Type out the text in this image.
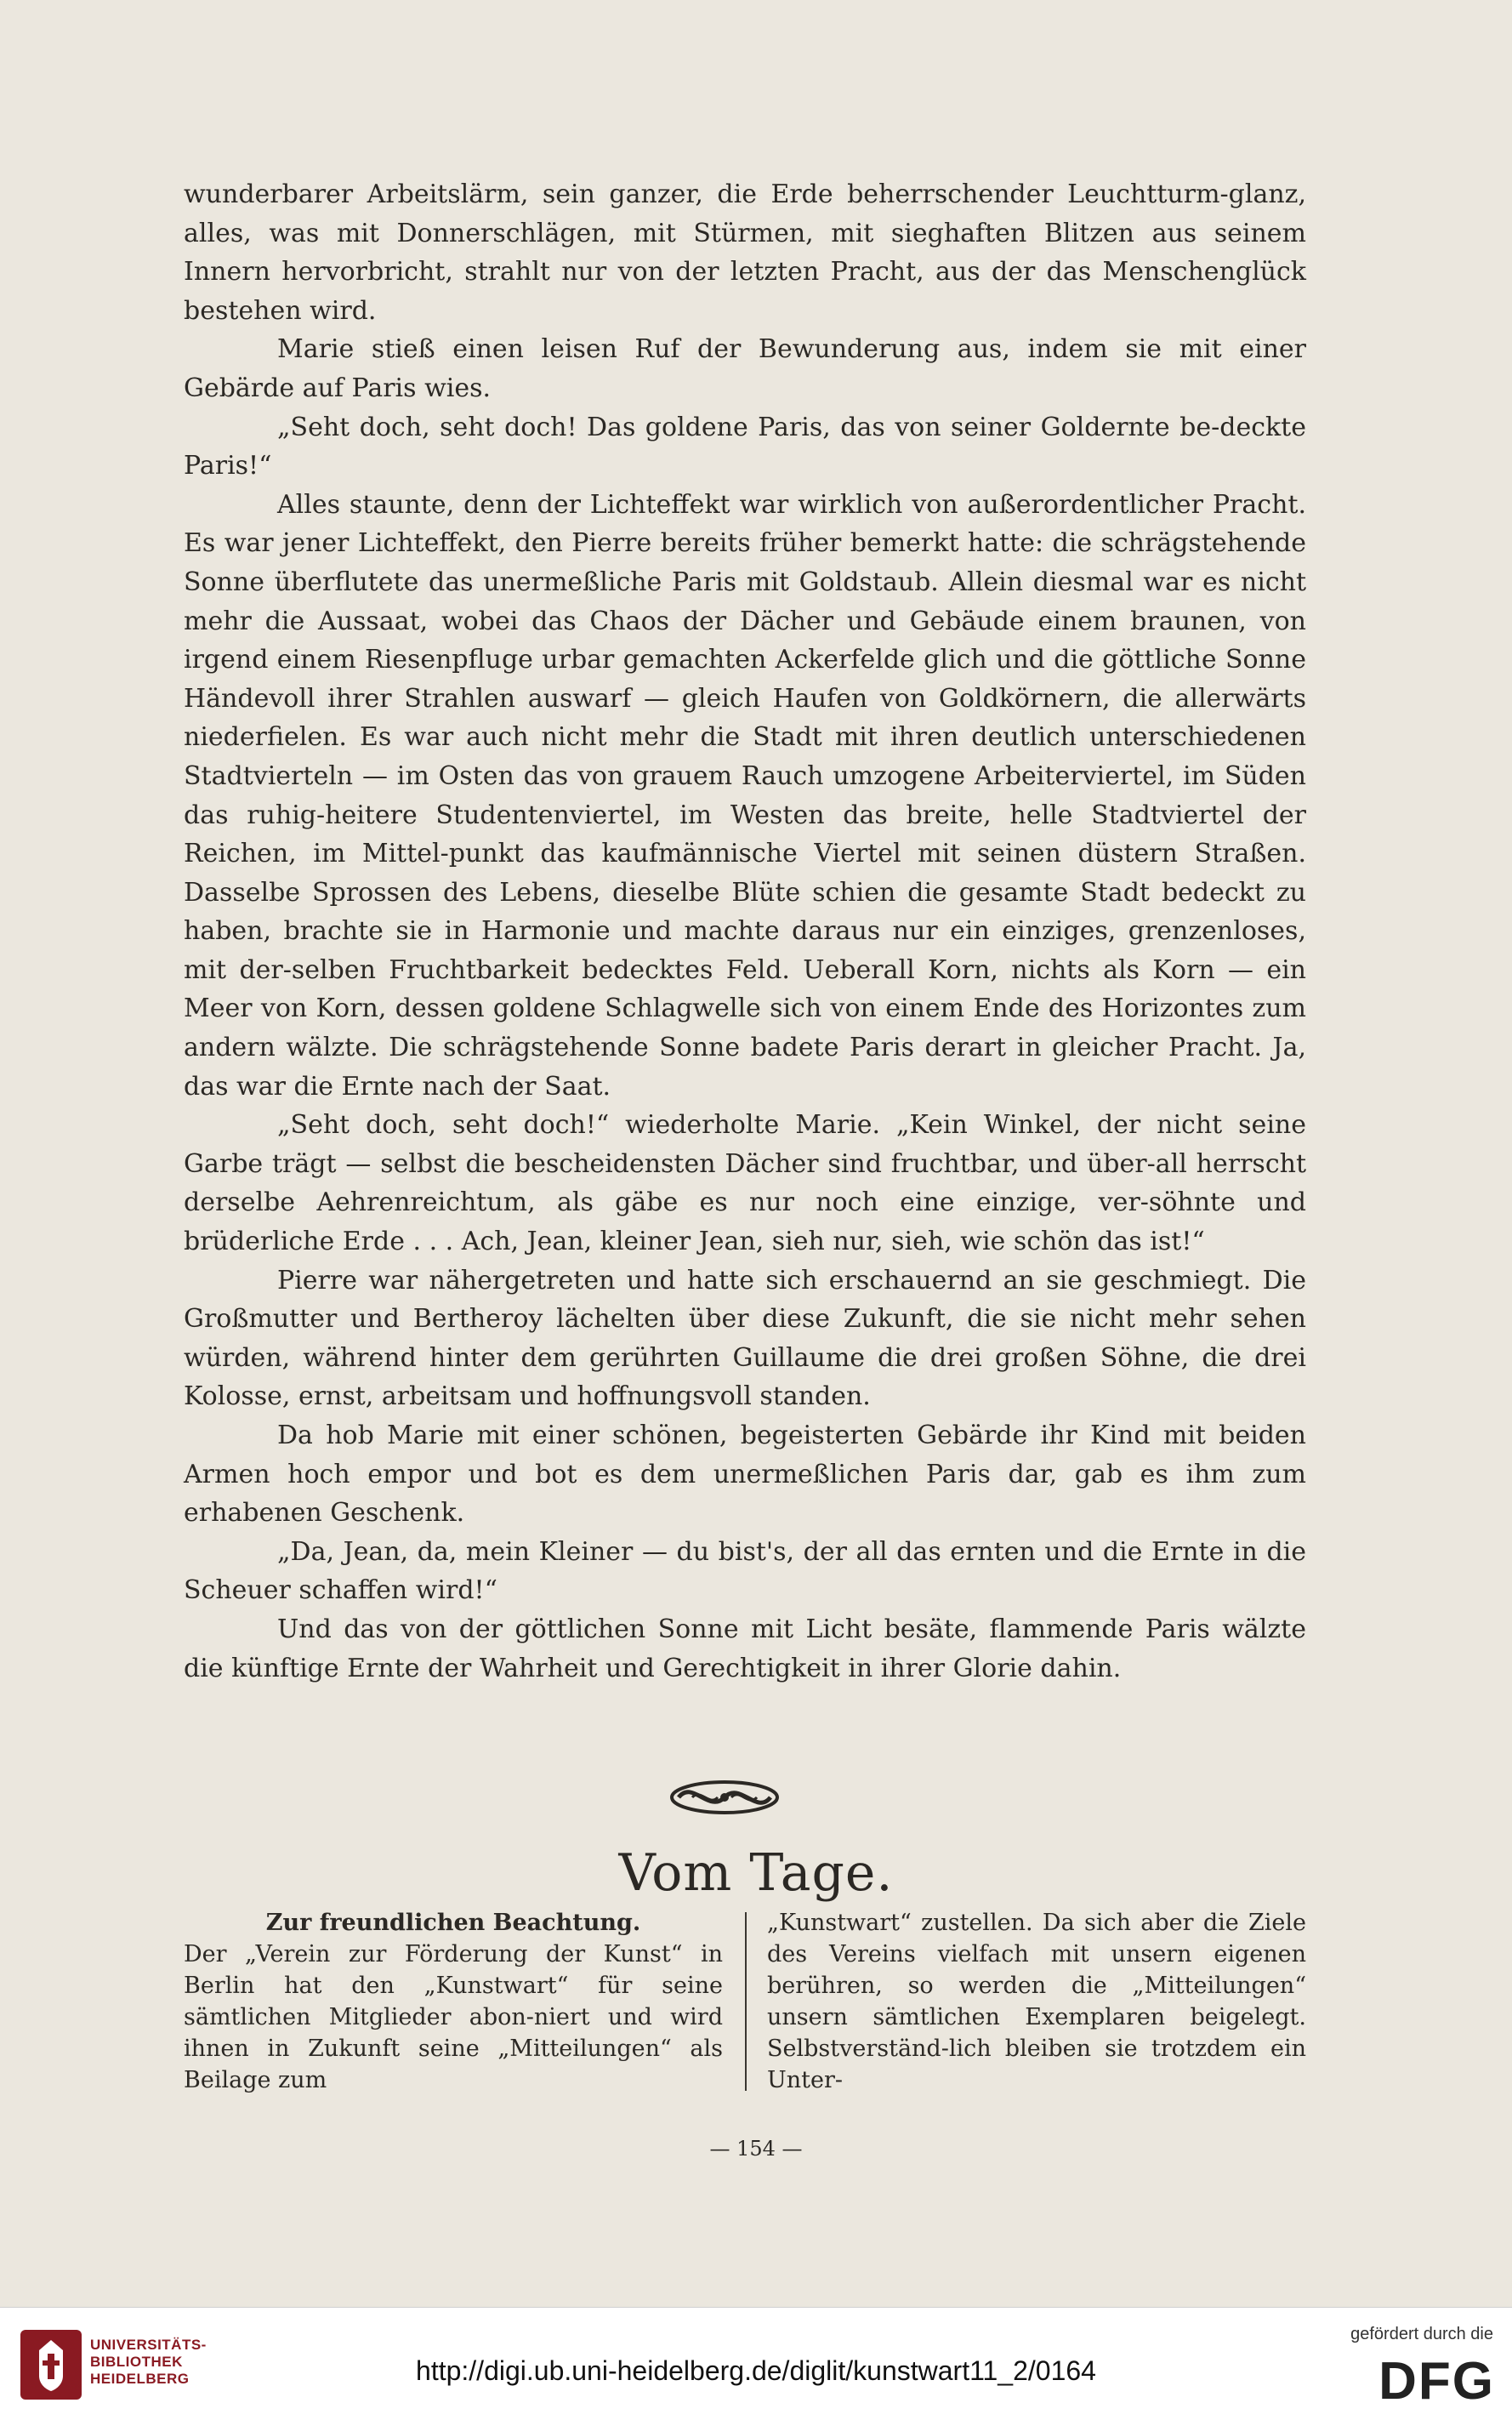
wunderbarer Arbeitslärm, sein ganzer, die Erde beherrschender Leuchtturm-glanz, alles, was mit Donnerschlägen, mit Stürmen, mit sieghaften Blitzen aus seinem Innern hervorbricht, strahlt nur von der letzten Pracht, aus der das Menschenglück bestehen wird.

Marie stieß einen leisen Ruf der Bewunderung aus, indem sie mit einer Gebärde auf Paris wies.

„Seht doch, seht doch! Das goldene Paris, das von seiner Goldernte be-deckte Paris!“

Alles staunte, denn der Lichteffekt war wirklich von außerordentlicher Pracht. Es war jener Lichteffekt, den Pierre bereits früher bemerkt hatte: die schrägstehende Sonne überflutete das unermeßliche Paris mit Goldstaub. Allein diesmal war es nicht mehr die Aussaat, wobei das Chaos der Dächer und Gebäude einem braunen, von irgend einem Riesenpfluge urbar gemachten Ackerfelde glich und die göttliche Sonne Händevoll ihrer Strahlen auswarf — gleich Haufen von Goldkörnern, die allerwärts niederfielen. Es war auch nicht mehr die Stadt mit ihren deutlich unterschiedenen Stadtvierteln — im Osten das von grauem Rauch umzogene Arbeiterviertel, im Süden das ruhig-heitere Studentenviertel, im Westen das breite, helle Stadtviertel der Reichen, im Mittel-punkt das kaufmännische Viertel mit seinen düstern Straßen. Dasselbe Sprossen des Lebens, dieselbe Blüte schien die gesamte Stadt bedeckt zu haben, brachte sie in Harmonie und machte daraus nur ein einziges, grenzenloses, mit der-selben Fruchtbarkeit bedecktes Feld. Ueberall Korn, nichts als Korn — ein Meer von Korn, dessen goldene Schlagwelle sich von einem Ende des Horizontes zum andern wälzte. Die schrägstehende Sonne badete Paris derart in gleicher Pracht. Ja, das war die Ernte nach der Saat.

„Seht doch, seht doch!“ wiederholte Marie. „Kein Winkel, der nicht seine Garbe trägt — selbst die bescheidensten Dächer sind fruchtbar, und über-all herrscht derselbe Aehrenreichtum, als gäbe es nur noch eine einzige, ver-söhnte und brüderliche Erde . . . Ach, Jean, kleiner Jean, sieh nur, sieh, wie schön das ist!“

Pierre war nähergetreten und hatte sich erschauernd an sie geschmiegt. Die Großmutter und Bertheroy lächelten über diese Zukunft, die sie nicht mehr sehen würden, während hinter dem gerührten Guillaume die drei großen Söhne, die drei Kolosse, ernst, arbeitsam und hoffnungsvoll standen.

Da hob Marie mit einer schönen, begeisterten Gebärde ihr Kind mit beiden Armen hoch empor und bot es dem unermeßlichen Paris dar, gab es ihm zum erhabenen Geschenk.

„Da, Jean, da, mein Kleiner — du bist's, der all das ernten und die Ernte in die Scheuer schaffen wird!“

Und das von der göttlichen Sonne mit Licht besäte, flammende Paris wälzte die künftige Ernte der Wahrheit und Gerechtigkeit in ihrer Glorie dahin.

Vom Tage.

Zur freundlichen Beachtung.

Der „Verein zur Förderung der Kunst“ in Berlin hat den „Kunstwart“ für seine sämtlichen Mitglieder abon-niert und wird ihnen in Zukunft seine „Mitteilungen“ als Beilage zum

„Kunstwart“ zustellen. Da sich aber die Ziele des Vereins vielfach mit unsern eigenen berühren, so werden die „Mitteilungen“ unsern sämtlichen Exemplaren beigelegt. Selbstverständ-lich bleiben sie trotzdem ein Unter-

— 154 —
UNIVERSITÄTS-
BIBLIOTHEK
HEIDELBERG	http://digi.ub.uni-heidelberg.de/diglit/kunstwart11_2/0164
gefördert durch die
DFG
